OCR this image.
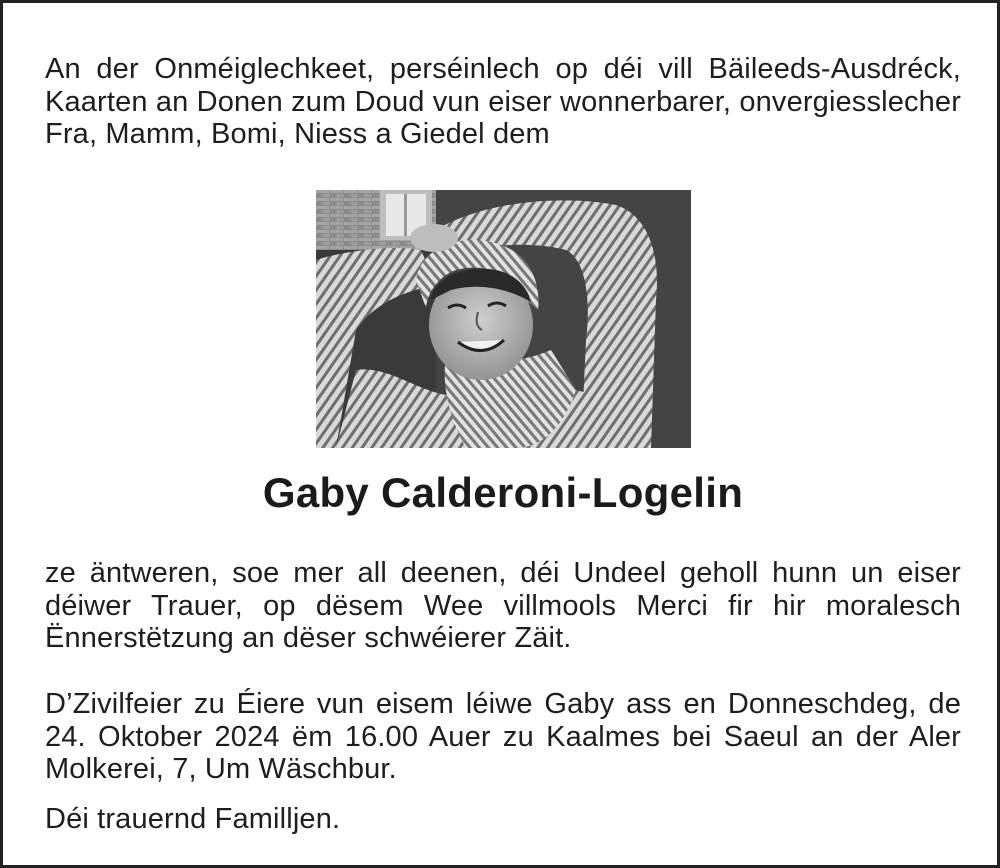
An der Onméiglechkeet, perséinlech op déi vill Bäileeds-Ausdréck, Kaarten an Donen zum Doud vun eiser wonnerbarer, onvergiesslecher Fra, Mamm, Bomi, Niess a Giedel dem

Gaby Calderoni-Logelin

ze äntweren, soe mer all deenen, déi Undeel geholl hunn un eiser déiwer Trauer, op dësem Wee villmools Merci fir hir moralesch Ënnerstëtzung an dëser schwéierer Zäit.

D’Zivilfeier zu Éiere vun eisem léiwe Gaby ass en Donneschdeg, de 24. Oktober 2024 ëm 16.00 Auer zu Kaalmes bei Saeul an der Aler Molkerei, 7, Um Wäschbur.

Déi trauernd Familljen.
